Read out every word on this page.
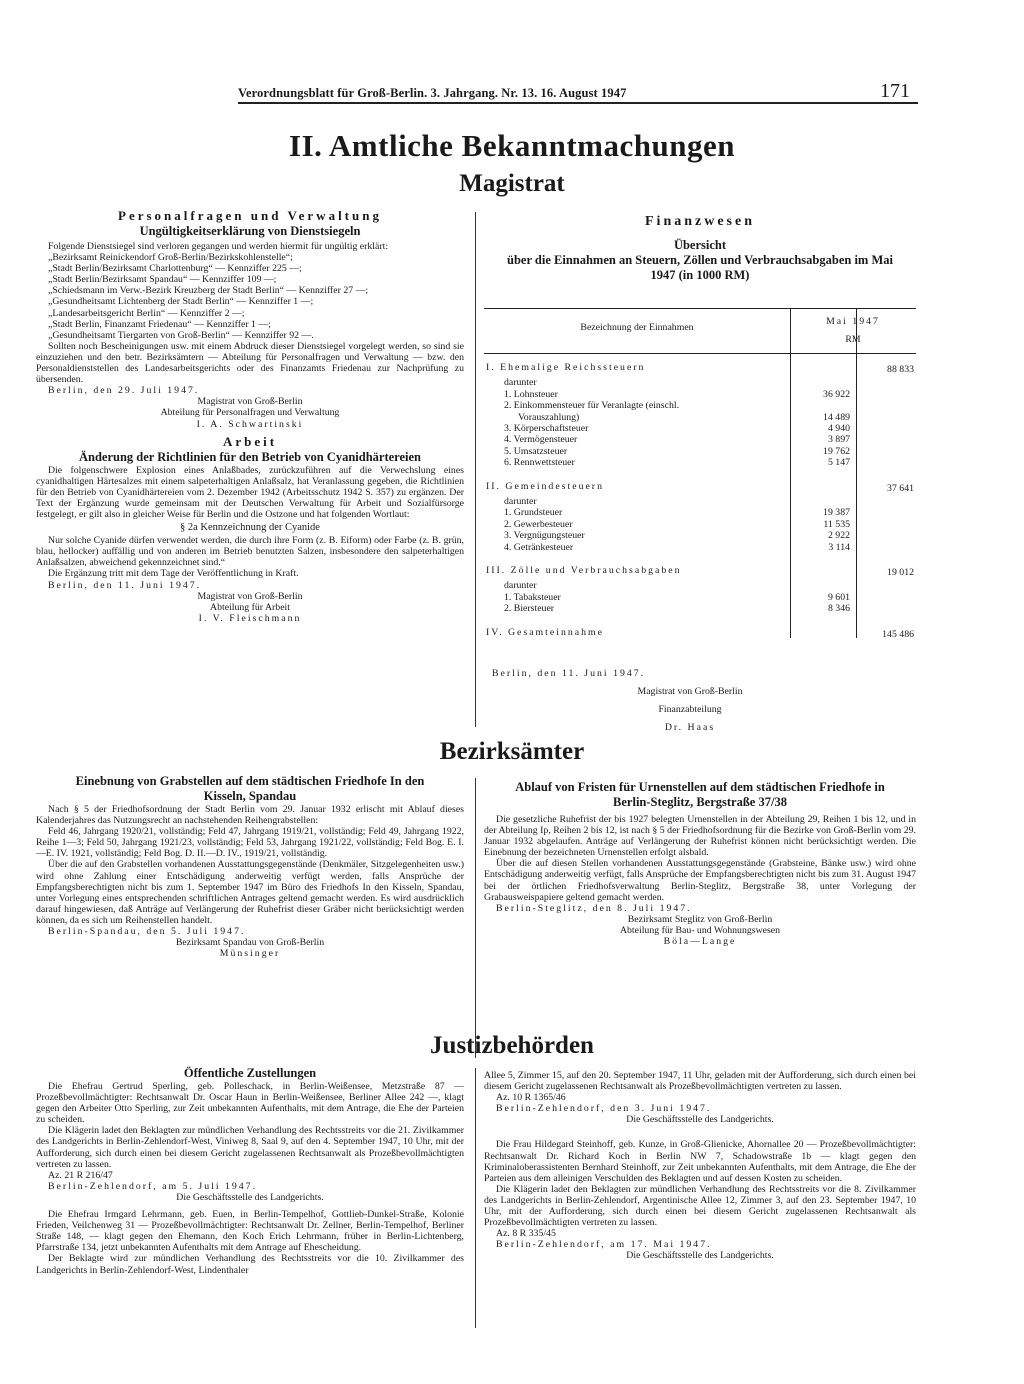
Verordnungsblatt für Groß-Berlin. 3. Jahrgang. Nr. 13. 16. August 1947	171
II. Amtliche Bekanntmachungen
Magistrat

Personalfragen und Verwaltung

Ungültigkeitserklärung von Dienstsiegeln

Folgende Dienstsiegel sind verloren gegangen und werden hiermit für ungültig erklärt:

„Bezirksamt Reinickendorf Groß-Berlin/Bezirkskohlenstelle“;

„Stadt Berlin/Bezirksamt Charlottenburg“ — Kennziffer 225 —;

„Stadt Berlin/Bezirksamt Spandau“ — Kennziffer 109 —;

„Schiedsmann im Verw.-Bezirk Kreuzberg der Stadt Berlin“ — Kennziffer 27 —;

„Gesundheitsamt Lichtenberg der Stadt Berlin“ — Kennziffer 1 —;

„Landesarbeitsgericht Berlin“ — Kennziffer 2 —;

„Stadt Berlin, Finanzamt Friedenau“ — Kennziffer 1 —;

„Gesundheitsamt Tiergarten von Groß-Berlin“ — Kennziffer 92 —.

Sollten noch Bescheinigungen usw. mit einem Abdruck dieser Dienstsiegel vorgelegt werden, so sind sie einzuziehen und den betr. Bezirksämtern — Abteilung für Personalfragen und Verwaltung — bzw. den Personaldienststellen des Landesarbeitsgerichts oder des Finanzamts Friedenau zur Nachprüfung zu übersenden.

Berlin, den 29. Juli 1947.

Magistrat von Groß-Berlin

Abteilung für Personalfragen und Verwaltung

I. A. Schwartinski

Arbeit

Änderung der Richtlinien für den Betrieb von Cyanidhärtereien

Die folgenschwere Explosion eines Anlaßbades, zurückzuführen auf die Verwechslung eines cyanidhaltigen Härtesalzes mit einem salpeterhaltigen Anlaßsalz, hat Veranlassung gegeben, die Richtlinien für den Betrieb von Cyanidhärtereien vom 2. Dezember 1942 (Arbeitsschutz 1942 S. 357) zu ergänzen. Der Text der Ergänzung wurde gemeinsam mit der Deutschen Verwaltung für Arbeit und Sozialfürsorge festgelegt, er gilt also in gleicher Weise für Berlin und die Ostzone und hat folgenden Wortlaut:

§ 2a Kennzeichnung der Cyanide

Nur solche Cyanide dürfen verwendet werden, die durch ihre Form (z. B. Eiform) oder Farbe (z. B. grün, blau, hellocker) auffällig und von anderen im Betrieb benutzten Salzen, insbesondere den salpeterhaltigen Anlaßsalzen, abweichend gekennzeichnet sind.“

Die Ergänzung tritt mit dem Tage der Veröffentlichung in Kraft.

Berlin, den 11. Juni 1947.

Magistrat von Groß-Berlin

Abteilung für Arbeit

I. V. Fleischmann

Finanzwesen

Übersicht

über die Einnahmen an Steuern, Zöllen und Verbrauchsabgaben im Mai 1947 (in 1000 RM)

Bezeichnung der Einnahmen
Mai 1947
RM
I. Ehemalige Reichssteuern	88 833
darunter
1. Lohnsteuer	36 922
2. Einkommensteuer für Veranlagte (einschl.
Vorauszahlung)	14 489
3. Körperschaftsteuer	4 940
4. Vermögensteuer	3 897
5. Umsatzsteuer	19 762
6. Rennwettsteuer	5 147
II. Gemeindesteuern	37 641
darunter
1. Grundsteuer	19 387
2. Gewerbesteuer	11 535
3. Vergnügungsteuer	2 922
4. Getränkesteuer	3 114
III. Zölle und Verbrauchsabgaben	19 012
darunter
1. Tabaksteuer	9 601
2. Biersteuer	8 346
IV. Gesamteinnahme	145 486
Berlin, den 11. Juni 1947.
Magistrat von Groß-Berlin
Finanzabteilung
Dr. Haas
Bezirksämter

Einebnung von Grabstellen auf dem städtischen Friedhofe In den Kisseln, Spandau

Nach § 5 der Friedhofsordnung der Stadt Berlin vom 29. Januar 1932 erlischt mit Ablauf dieses Kalenderjahres das Nutzungsrecht an nachstehenden Reihengrabstellen:

Feld 46, Jahrgang 1920/21, vollständig; Feld 47, Jahrgang 1919/21, vollständig; Feld 49, Jahrgang 1922, Reihe 1—3; Feld 50, Jahrgang 1921/23, vollständig; Feld 53, Jahrgang 1921/22, vollständig; Feld Bog. E. I.—E. IV. 1921, vollständig; Feld Bog. D. II.—D. IV., 1919/21, vollständig.

Über die auf den Grabstellen vorhandenen Ausstattungsgegenstände (Denkmäler, Sitzgelegenheiten usw.) wird ohne Zahlung einer Entschädigung anderweitig verfügt werden, falls Ansprüche der Empfangsberechtigten nicht bis zum 1. September 1947 im Büro des Friedhofs In den Kisseln, Spandau, unter Vorlegung eines entsprechenden schriftlichen Antrages geltend gemacht werden. Es wird ausdrücklich darauf hingewiesen, daß Anträge auf Verlängerung der Ruhefrist dieser Gräber nicht berücksichtigt werden können, da es sich um Reihenstellen handelt.

Berlin-Spandau, den 5. Juli 1947.

Bezirksamt Spandau von Groß-Berlin

Münsinger

Ablauf von Fristen für Urnenstellen auf dem städtischen Friedhofe in Berlin-Steglitz, Bergstraße 37/38

Die gesetzliche Ruhefrist der bis 1927 belegten Urnenstellen in der Abteilung 29, Reihen 1 bis 12, und in der Abteilung Ip, Reihen 2 bis 12, ist nach § 5 der Friedhofsordnung für die Bezirke von Groß-Berlin vom 29. Januar 1932 abgelaufen. Anträge auf Verlängerung der Ruhefrist können nicht berücksichtigt werden. Die Einebnung der bezeichneten Urnenstellen erfolgt alsbald.

Über die auf diesen Stellen vorhandenen Ausstattungsgegenstände (Grabsteine, Bänke usw.) wird ohne Entschädigung anderweitig verfügt, falls Ansprüche der Empfangsberechtigten nicht bis zum 31. August 1947 bei der örtlichen Friedhofsverwaltung Berlin-Steglitz, Bergstraße 38, unter Vorlegung der Grabausweispapiere geltend gemacht werden.

Berlin-Steglitz, den 8. Juli 1947.

Bezirksamt Steglitz von Groß-Berlin

Abteilung für Bau- und Wohnungswesen

Böla—Lange

Justizbehörden

Öffentliche Zustellungen

Die Ehefrau Gertrud Sperling, geb. Polleschack, in Berlin-Weißensee, Metzstraße 87 — Prozeßbevollmächtigter: Rechtsanwalt Dr. Oscar Haun in Berlin-Weißensee, Berliner Allee 242 —, klagt gegen den Arbeiter Otto Sperling, zur Zeit unbekannten Aufenthalts, mit dem Antrage, die Ehe der Parteien zu scheiden.

Die Klägerin ladet den Beklagten zur mündlichen Verhandlung des Rechtsstreits vor die 21. Zivilkammer des Landgerichts in Berlin-Zehlendorf-West, Viniweg 8, Saal 9, auf den 4. September 1947, 10 Uhr, mit der Aufforderung, sich durch einen bei diesem Gericht zugelassenen Rechtsanwalt als Prozeßbevollmächtigten vertreten zu lassen.

Az. 21 R 216/47

Berlin-Zehlendorf, am 5. Juli 1947.

Die Geschäftsstelle des Landgerichts.

Die Ehefrau Irmgard Lehrmann, geb. Euen, in Berlin-Tempelhof, Gottlieb-Dunkel-Straße, Kolonie Frieden, Veilchenweg 31 — Prozeßbevollmächtigter: Rechtsanwalt Dr. Zellner, Berlin-Tempelhof, Berliner Straße 148, — klagt gegen den Ehemann, den Koch Erich Lehrmann, früher in Berlin-Lichtenberg, Pfarrstraße 134, jetzt unbekannten Aufenthalts mit dem Antrage auf Ehescheidung.

Der Beklagte wird zur mündlichen Verhandlung des Rechtsstreits vor die 10. Zivilkammer des Landgerichts in Berlin-Zehlendorf-West, Lindenthaler

Allee 5, Zimmer 15, auf den 20. September 1947, 11 Uhr, geladen mit der Aufforderung, sich durch einen bei diesem Gericht zugelassenen Rechtsanwalt als Prozeßbevollmächtigten vertreten zu lassen.

Az. 10 R 1365/46

Berlin-Zehlendorf, den 3. Juni 1947.

Die Geschäftsstelle des Landgerichts.

Die Frau Hildegard Steinhoff, geb. Kunze, in Groß-Glienicke, Ahornallee 20 — Prozeßbevollmächtigter: Rechtsanwalt Dr. Richard Koch in Berlin NW 7, Schadowstraße 1b — klagt gegen den Kriminaloberassistenten Bernhard Steinhoff, zur Zeit unbekannten Aufenthalts, mit dem Antrage, die Ehe der Parteien aus dem alleinigen Verschulden des Beklagten und auf dessen Kosten zu scheiden.

Die Klägerin ladet den Beklagten zur mündlichen Verhandlung des Rechtsstreits vor die 8. Zivilkammer des Landgerichts in Berlin-Zehlendorf, Argentinische Allee 12, Zimmer 3, auf den 23. September 1947, 10 Uhr, mit der Aufforderung, sich durch einen bei diesem Gericht zugelassenen Rechtsanwalt als Prozeßbevollmächtigten vertreten zu lassen.

Az. 8 R 335/45

Berlin-Zehlendorf, am 17. Mai 1947.

Die Geschäftsstelle des Landgerichts.
